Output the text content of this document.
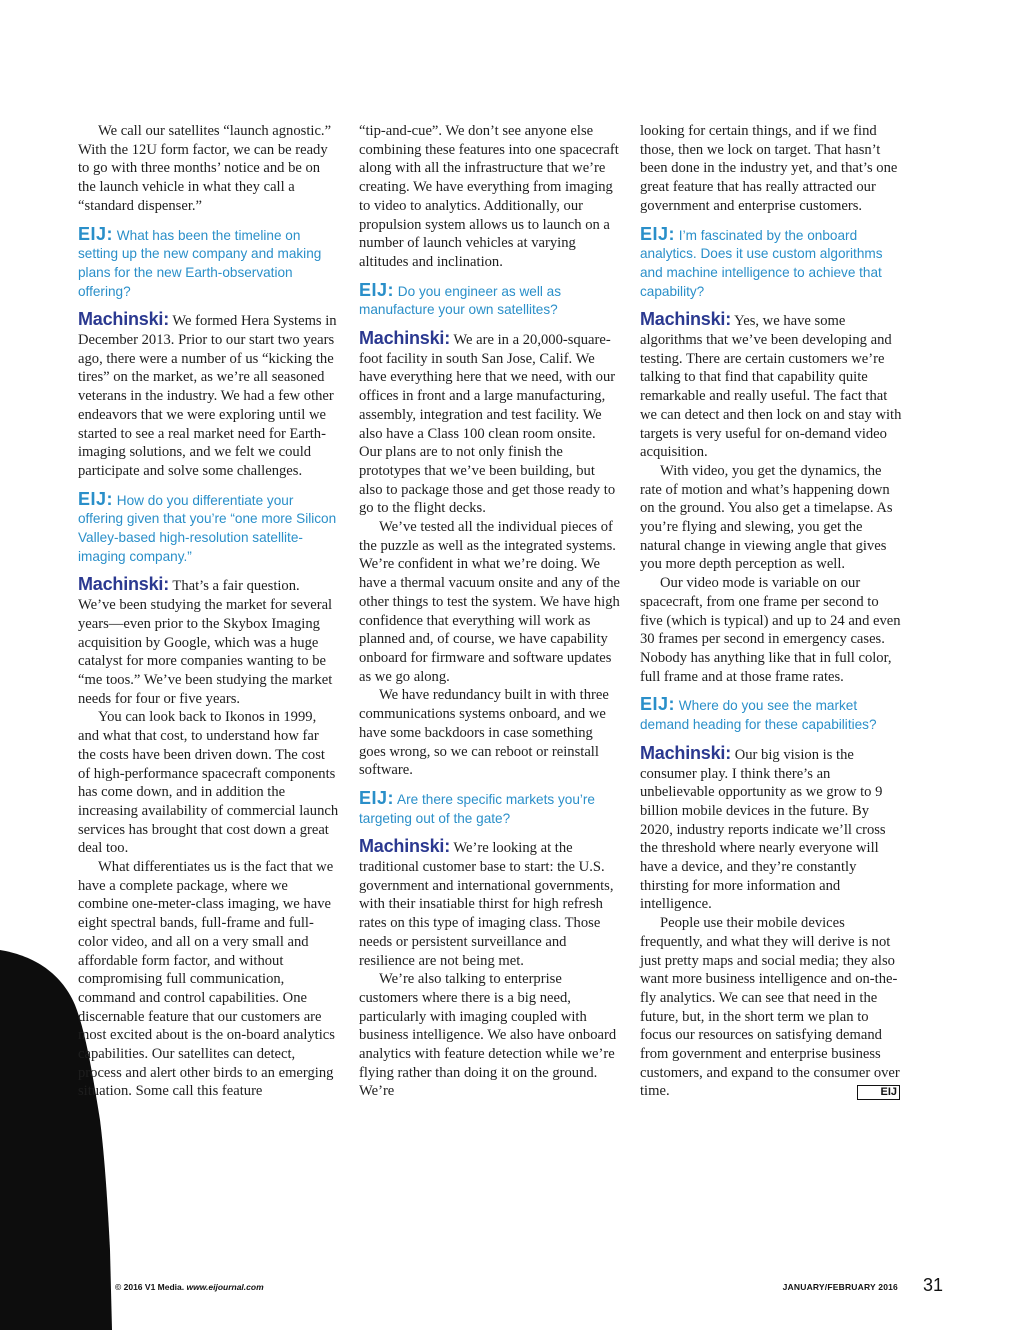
We call our satellites “launch agnostic.” With the 12U form factor, we can be ready to go with three months’ notice and be on the launch vehicle in what they call a “standard dispenser.”

EIJ: What has been the timeline on setting up the new company and making plans for the new Earth-observation offering?

Machinski: We formed Hera Systems in December 2013. Prior to our start two years ago, there were a number of us “kicking the tires” on the market, as we’re all seasoned veterans in the industry. We had a few other endeavors that we were exploring until we started to see a real market need for Earth-imaging solutions, and we felt we could participate and solve some challenges.

EIJ: How do you differentiate your offering given that you’re “one more Silicon Valley-based high-resolution satellite-imaging company.”

Machinski: That’s a fair question. We’ve been studying the market for several years—even prior to the Skybox Imaging acquisition by Google, which was a huge catalyst for more companies wanting to be “me toos.” We’ve been studying the market needs for four or five years.

You can look back to Ikonos in 1999, and what that cost, to understand how far the costs have been driven down. The cost of high-performance spacecraft components has come down, and in addition the increasing availability of commercial launch services has brought that cost down a great deal too.

What differentiates us is the fact that we have a complete package, where we combine one-meter-class imaging, we have eight spectral bands, full-frame and full-color video, and all on a very small and affordable form factor, and without compromising full communication, command and control capabilities. One discernable feature that our customers are most excited about is the on-board analytics capabilities. Our satellites can detect, process and alert other birds to an emerging situation. Some call this feature

“tip-and-cue”. We don’t see anyone else combining these features into one spacecraft along with all the infrastructure that we’re creating. We have everything from imaging to video to analytics. Additionally, our propulsion system allows us to launch on a number of launch vehicles at varying altitudes and inclination.

EIJ: Do you engineer as well as manufacture your own satellites?

Machinski: We are in a 20,000-square-foot facility in south San Jose, Calif. We have everything here that we need, with our offices in front and a large manufacturing, assembly, integration and test facility. We also have a Class 100 clean room onsite. Our plans are to not only finish the prototypes that we’ve been building, but also to package those and get those ready to go to the flight decks.

We’ve tested all the individual pieces of the puzzle as well as the integrated systems. We’re confident in what we’re doing. We have a thermal vacuum onsite and any of the other things to test the system. We have high confidence that everything will work as planned and, of course, we have capability onboard for firmware and software updates as we go along.

We have redundancy built in with three communications systems onboard, and we have some backdoors in case something goes wrong, so we can reboot or reinstall software.

EIJ: Are there specific markets you’re targeting out of the gate?

Machinski: We’re looking at the traditional customer base to start: the U.S. government and international governments, with their insatiable thirst for high refresh rates on this type of imaging class. Those needs or persistent surveillance and resilience are not being met.

We’re also talking to enterprise customers where there is a big need, particularly with imaging coupled with business intelligence. We also have onboard analytics with feature detection while we’re flying rather than doing it on the ground. We’re

looking for certain things, and if we find those, then we lock on target. That hasn’t been done in the industry yet, and that’s one great feature that has really attracted our government and enterprise customers.

EIJ: I’m fascinated by the onboard analytics. Does it use custom algorithms and machine intelligence to achieve that capability?

Machinski: Yes, we have some algorithms that we’ve been developing and testing. There are certain customers we’re talking to that find that capability quite remarkable and really useful. The fact that we can detect and then lock on and stay with targets is very useful for on-demand video acquisition.

With video, you get the dynamics, the rate of motion and what’s happening down on the ground. You also get a timelapse. As you’re flying and slewing, you get the natural change in viewing angle that gives you more depth perception as well.

Our video mode is variable on our spacecraft, from one frame per second to five (which is typical) and up to 24 and even 30 frames per second in emergency cases. Nobody has anything like that in full color, full frame and at those frame rates.

EIJ: Where do you see the market demand heading for these capabilities?

Machinski: Our big vision is the consumer play. I think there’s an unbelievable opportunity as we grow to 9 billion mobile devices in the future. By 2020, industry reports indicate we’ll cross the threshold where nearly everyone will have a device, and they’re constantly thirsting for more information and intelligence.

People use their mobile devices frequently, and what they will derive is not just pretty maps and social media; they also want more business intelligence and on-the-fly analytics. We can see that need in the future, but, in the short term we plan to focus our resources on satisfying demand from government and enterprise business customers, and expand to the consumer over time.	EIJ

© 2016 V1 Media. www.eijournal.com	JANUARY/FEBRUARY 2016 31
